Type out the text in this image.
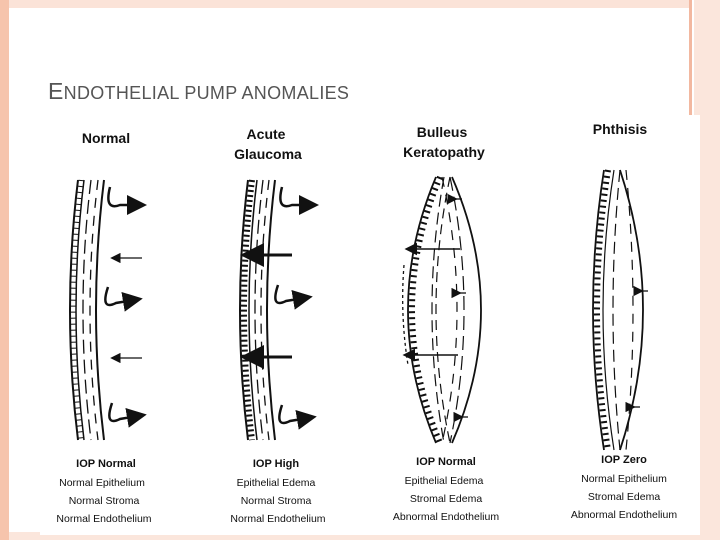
ENDOTHELIAL PUMP ANOMALIES
Normal
IOP Normal
Normal Epithelium
Normal Stroma
Normal Endothelium
Acute
Glaucoma
IOP High
Epithelial Edema
Normal Stroma
Normal Endothelium
Bulleus
Keratopathy
IOP Normal
Epithelial Edema
Stromal Edema
Abnormal Endothelium
Phthisis
IOP Zero
Normal Epithelium
Stromal Edema
Abnormal Endothelium
